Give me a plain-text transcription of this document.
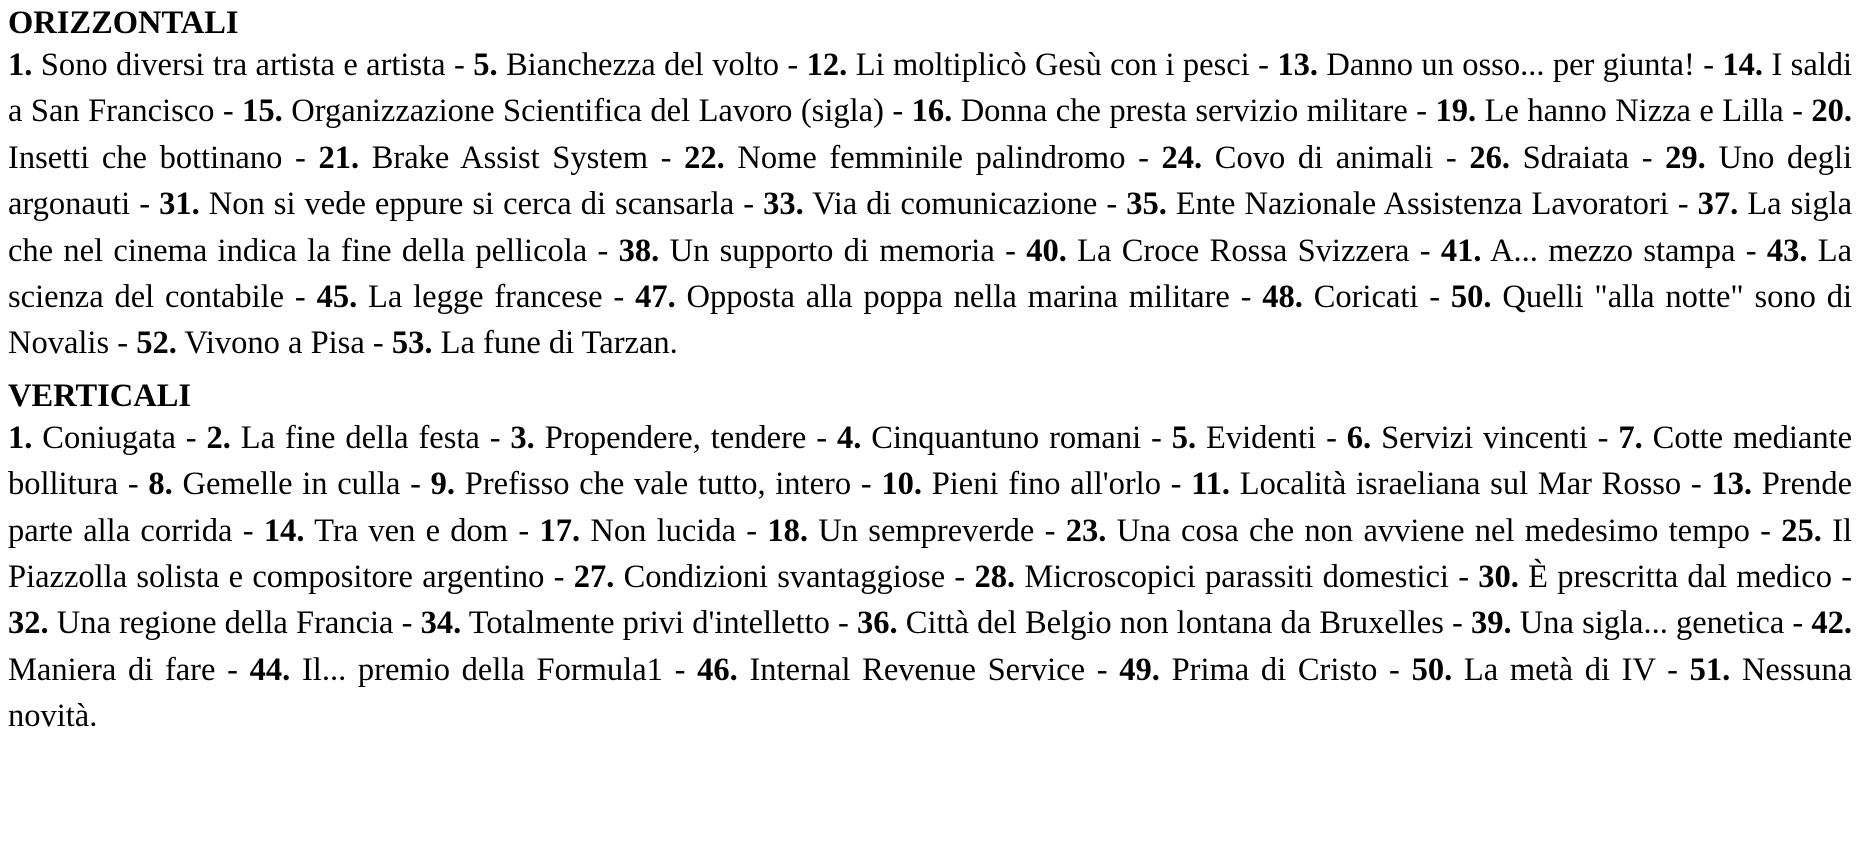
ORIZZONTALI

1. Sono diversi tra artista e artista - 5. Bianchezza del volto - 12. Li moltiplicò Gesù con i pesci - 13. Danno un osso... per giunta! - 14. I saldi a San Francisco - 15. Organizzazione Scientifica del Lavoro (sigla) - 16. Donna che presta servizio militare - 19. Le hanno Nizza e Lilla - 20. Insetti che bottinano - 21. Brake Assist System - 22. Nome femminile palindromo - 24. Covo di animali - 26. Sdraiata - 29. Uno degli argonauti - 31. Non si vede eppure si cerca di scansarla - 33. Via di comunicazione - 35. Ente Nazionale Assistenza Lavoratori - 37. La sigla che nel cinema indica la fine della pellicola - 38. Un supporto di memoria - 40. La Croce Rossa Svizzera - 41. A... mezzo stampa - 43. La scienza del contabile - 45. La legge francese - 47. Opposta alla poppa nella marina militare - 48. Coricati - 50. Quelli "alla notte" sono di Novalis - 52. Vivono a Pisa - 53. La fune di Tarzan.

VERTICALI

1. Coniugata - 2. La fine della festa - 3. Propendere, tendere - 4. Cinquantuno romani - 5. Evidenti - 6. Servizi vincenti - 7. Cotte mediante bollitura - 8. Gemelle in culla - 9. Prefisso che vale tutto, intero - 10. Pieni fino all'orlo - 11. Località israeliana sul Mar Rosso - 13. Prende parte alla corrida - 14. Tra ven e dom - 17. Non lucida - 18. Un sempreverde - 23. Una cosa che non avviene nel medesimo tempo - 25. Il Piazzolla solista e compositore argentino - 27. Condizioni svantaggiose - 28. Microscopici parassiti domestici - 30. È prescritta dal medico - 32. Una regione della Francia - 34. Totalmente privi d'intelletto - 36. Città del Belgio non lontana da Bruxelles - 39. Una sigla... genetica - 42. Maniera di fare - 44. Il... premio della Formula1 - 46. Internal Revenue Service - 49. Prima di Cristo - 50. La metà di IV - 51. Nessuna novità.
